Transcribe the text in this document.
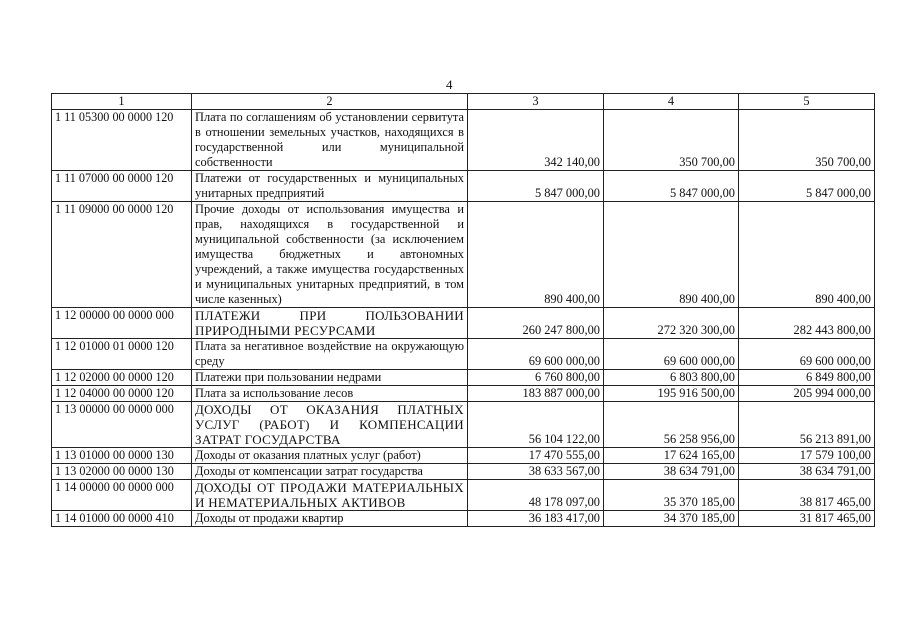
4
1	2	3	4	5
1 11 05300 00 0000 120	Плата по соглашениям об установлении сервитута в отношении земельных участков, находящихся в государственной или муниципальной собственности	342 140,00	350 700,00	350 700,00
1 11 07000 00 0000 120	Платежи от государственных и муниципальных унитарных предприятий	5 847 000,00	5 847 000,00	5 847 000,00
1 11 09000 00 0000 120	Прочие доходы от использования имущества и прав, находящихся в государственной и муниципальной собственности (за исключением имущества бюджетных и автономных учреждений, а также имущества государственных и муниципальных унитарных предприятий, в том числе казенных)	890 400,00	890 400,00	890 400,00
1 12 00000 00 0000 000	ПЛАТЕЖИ ПРИ ПОЛЬЗОВАНИИ ПРИРОДНЫМИ РЕСУРСАМИ	260 247 800,00	272 320 300,00	282 443 800,00
1 12 01000 01 0000 120	Плата за негативное воздействие на окружающую среду	69 600 000,00	69 600 000,00	69 600 000,00
1 12 02000 00 0000 120	Платежи при пользовании недрами	6 760 800,00	6 803 800,00	6 849 800,00
1 12 04000 00 0000 120	Плата за использование лесов	183 887 000,00	195 916 500,00	205 994 000,00
1 13 00000 00 0000 000	ДОХОДЫ ОТ ОКАЗАНИЯ ПЛАТНЫХ УСЛУГ (РАБОТ) И КОМПЕНСАЦИИ ЗАТРАТ ГОСУДАРСТВА	56 104 122,00	56 258 956,00	56 213 891,00
1 13 01000 00 0000 130	Доходы от оказания платных услуг (работ)	17 470 555,00	17 624 165,00	17 579 100,00
1 13 02000 00 0000 130	Доходы от компенсации затрат государства	38 633 567,00	38 634 791,00	38 634 791,00
1 14 00000 00 0000 000	ДОХОДЫ ОТ ПРОДАЖИ МАТЕРИАЛЬНЫХ И НЕМАТЕРИАЛЬНЫХ АКТИВОВ	48 178 097,00	35 370 185,00	38 817 465,00
1 14 01000 00 0000 410	Доходы от продажи квартир	36 183 417,00	34 370 185,00	31 817 465,00
